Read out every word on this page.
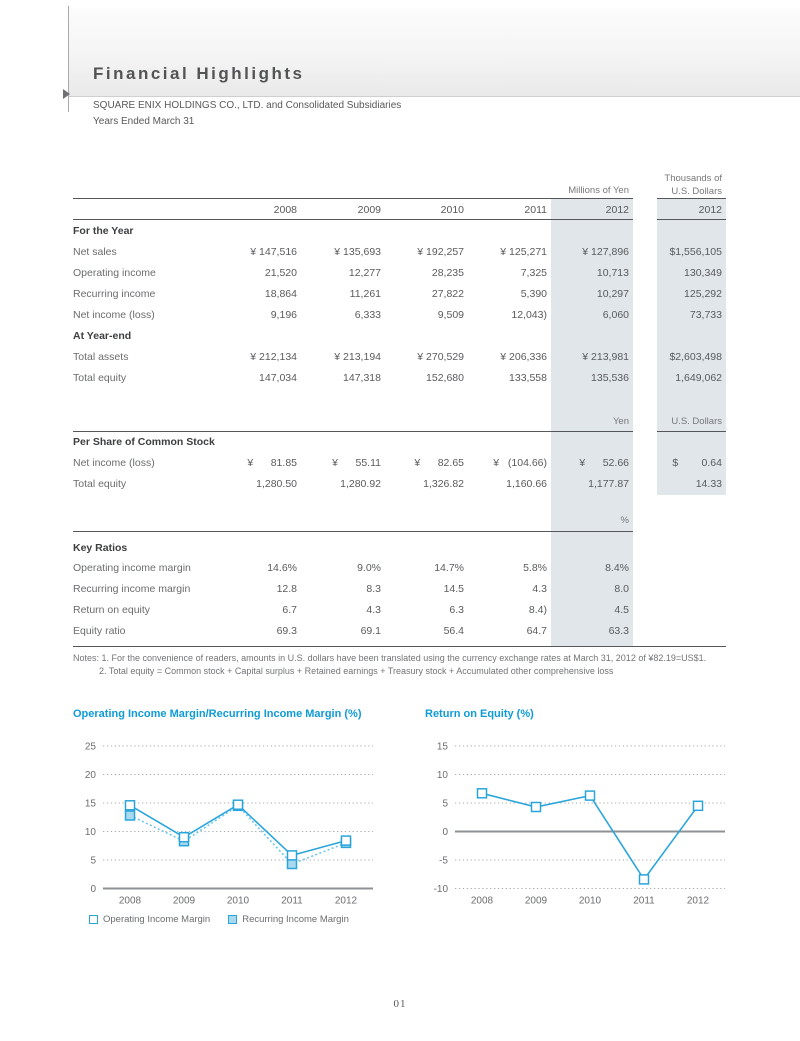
Financial Highlights
SQUARE ENIX HOLDINGS CO., LTD. and Consolidated Subsidiaries
Years Ended March 31
Millions of Yen
Thousands of
U.S. Dollars
2008	2009	2010	2011	2012	2012
For the Year
Net sales	¥ 147,516	¥ 135,693	¥ 192,257	¥ 125,271	¥ 127,896	$1,556,105
Operating income	21,520	12,277	28,235	7,325	10,713	130,349
Recurring income	18,864	11,261	27,822	5,390	10,297	125,292
Net income (loss)	9,196	6,333	9,509	12,043)	6,060	73,733
At Year-end
Total assets	¥ 212,134	¥ 213,194	¥ 270,529	¥ 206,336	¥ 213,981	$2,603,498
Total equity	147,034	147,318	152,680	133,558	135,536	1,649,062
Yen	U.S. Dollars
Per Share of Common Stock
Net income (loss)	¥      81.85	¥      55.11	¥      82.65	¥   (104.66)	¥      52.66	$        0.64
Total equity	1,280.50	1,280.92	1,326.82	1,160.66	1,177.87	14.33
%
Key Ratios
Operating income margin	14.6%	9.0%	14.7%	5.8%	8.4%
Recurring income margin	12.8	8.3	14.5	4.3	8.0
Return on equity	6.7	4.3	6.3	8.4)	4.5
Equity ratio	69.3	69.1	56.4	64.7	63.3
Notes: 1. For the convenience of readers, amounts in U.S. dollars have been translated using the currency exchange rates at March 31, 2012 of ¥82.19=US$1.
2. Total equity = Common stock + Capital surplus + Retained earnings + Treasury stock + Accumulated other comprehensive loss
Operating Income Margin/Recurring Income Margin (%)
25
20
15
10
5
0
2008	2009	2010	2011	2012
Operating Income Margin	Recurring Income Margin
Return on Equity (%)
15
10
5
0
-5
-10
2008	2009	2010	2011	2012
01
